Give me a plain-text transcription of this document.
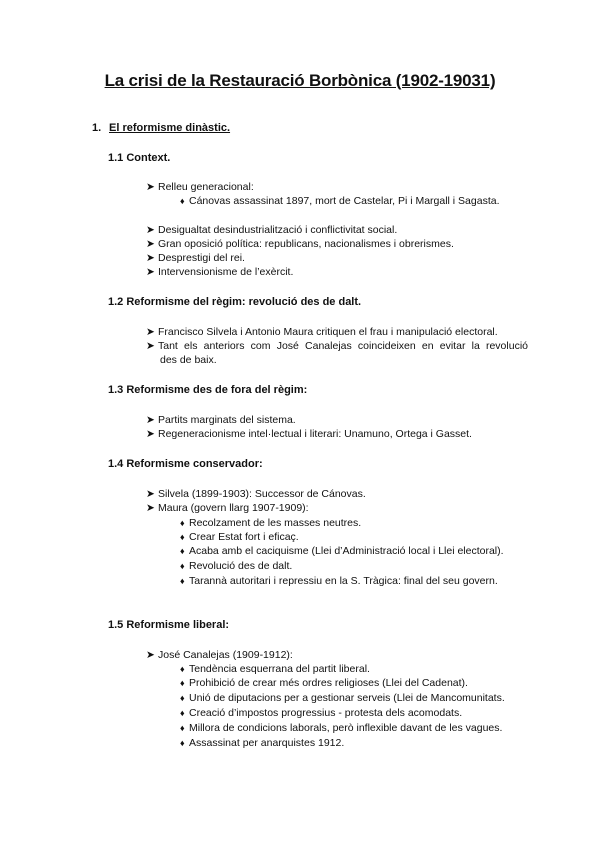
La crisi de la Restauració Borbònica (1902-19031)
1. El reformisme dinàstic.
1.1 Context.
➤ Relleu generacional:
♦ Cánovas assassinat 1897, mort de Castelar, Pi i Margall i Sagasta.
➤ Desigualtat desindustrialització i conflictivitat social.
➤ Gran oposició política: republicans, nacionalismes i obrerismes.
➤ Desprestigi del rei.
➤ Intervensionisme de l’exèrcit.
1.2 Reformisme del règim: revolució des de dalt.
➤ Francisco Silvela i Antonio Maura critiquen el frau i manipulació electoral.
➤ Tant els anteriors com José Canalejas coincideixen en evitar la revolució
des de baix.
1.3 Reformisme des de fora del règim:
➤ Partits marginats del sistema.
➤ Regeneracionisme intel·lectual i literari: Unamuno, Ortega i Gasset.
1.4 Reformisme conservador:
➤ Silvela (1899-1903): Successor de Cánovas.
➤ Maura (govern llarg 1907-1909):
♦ Recolzament de les masses neutres.
♦ Crear Estat fort i eficaç.
♦ Acaba amb el caciquisme (Llei d’Administració local i Llei electoral).
♦ Revolució des de dalt.
♦ Tarannà autoritari i repressiu en la S. Tràgica: final del seu govern.
1.5 Reformisme liberal:
➤ José Canalejas (1909-1912):
♦ Tendència esquerrana del partit liberal.
♦ Prohibició de crear més ordres religioses (Llei del Cadenat).
♦ Unió de diputacions per a gestionar serveis (Llei de Mancomunitats.
♦ Creació d’impostos progressius - protesta dels acomodats.
♦ Millora de condicions laborals, però inflexible davant de les vagues.
♦ Assassinat per anarquistes 1912.
